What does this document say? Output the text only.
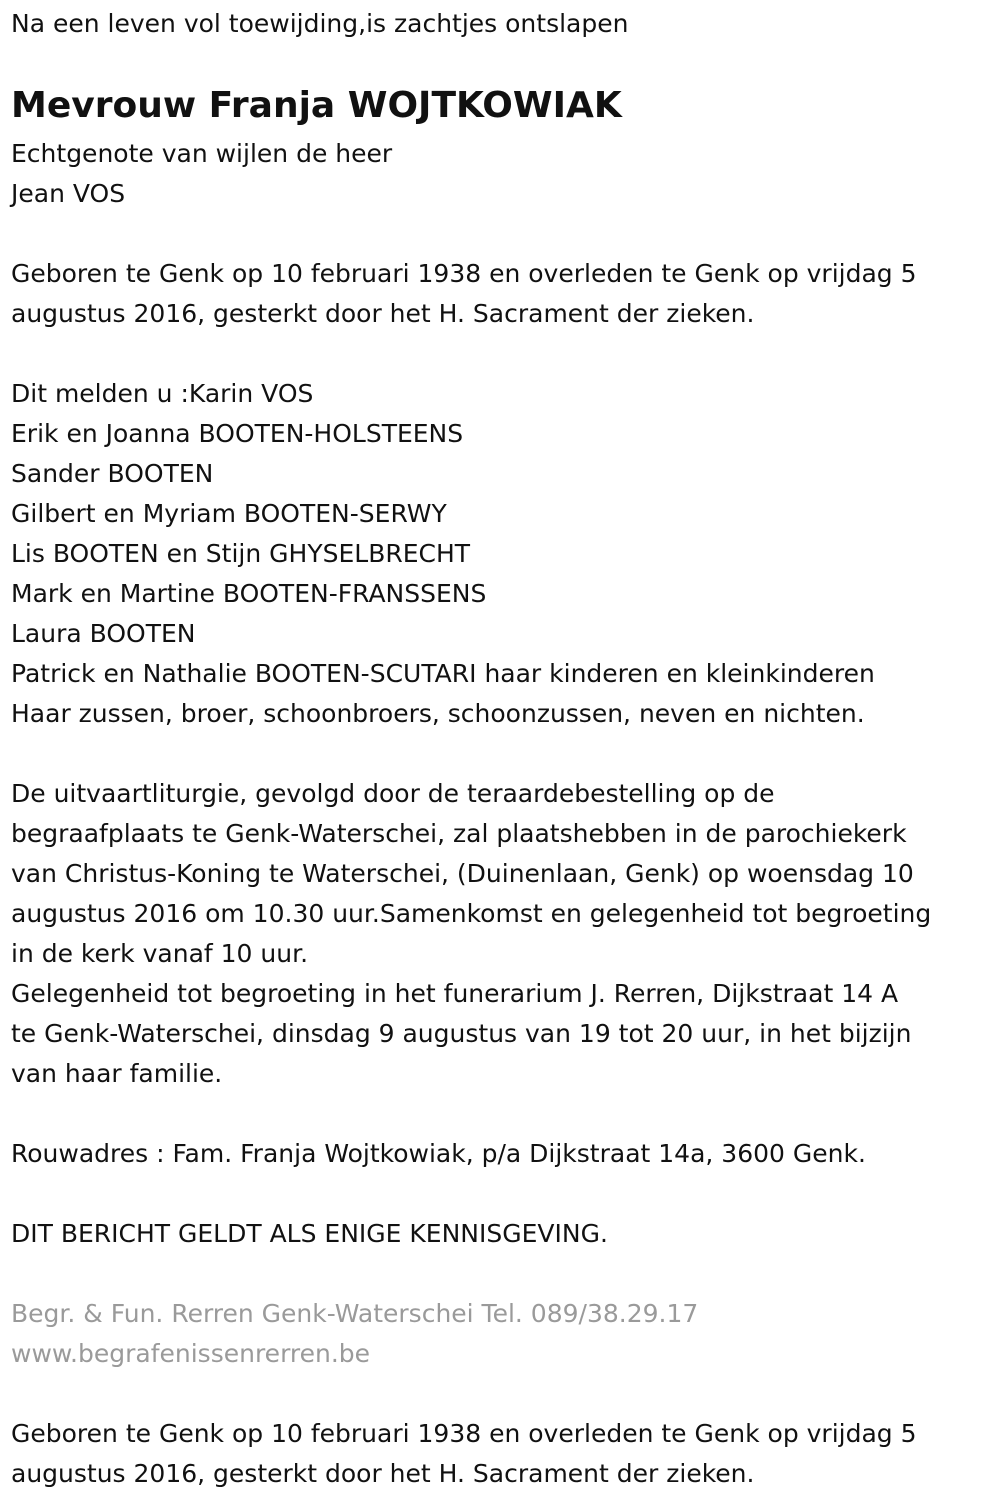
Na een leven vol toewijding,is zachtjes ontslapen
Mevrouw Franja WOJTKOWIAK
Echtgenote van wijlen de heer
Jean VOS
Geboren te Genk op 10 februari 1938 en overleden te Genk op vrijdag 5
augustus 2016, gesterkt door het H. Sacrament der zieken.
Dit melden u :Karin VOS
Erik en Joanna BOOTEN-HOLSTEENS
Sander BOOTEN
Gilbert en Myriam BOOTEN-SERWY
Lis BOOTEN en Stijn GHYSELBRECHT
Mark en Martine BOOTEN-FRANSSENS
Laura BOOTEN
Patrick en Nathalie BOOTEN-SCUTARI haar kinderen en kleinkinderen
Haar zussen, broer, schoonbroers, schoonzussen, neven en nichten.
De uitvaartliturgie, gevolgd door de teraardebestelling op de
begraafplaats te Genk-Waterschei, zal plaatshebben in de parochiekerk
van Christus-Koning te Waterschei, (Duinenlaan, Genk) op woensdag 10
augustus 2016 om 10.30 uur.Samenkomst en gelegenheid tot begroeting
in de kerk vanaf 10 uur.
Gelegenheid tot begroeting in het funerarium J. Rerren, Dijkstraat 14 A
te Genk-Waterschei, dinsdag 9 augustus van 19 tot 20 uur, in het bijzijn
van haar familie.
Rouwadres : Fam. Franja Wojtkowiak, p/a Dijkstraat 14a, 3600 Genk.
DIT BERICHT GELDT ALS ENIGE KENNISGEVING.
Begr. & Fun. Rerren Genk-Waterschei Tel. 089/38.29.17
www.begrafenissenrerren.be
Geboren te Genk op 10 februari 1938 en overleden te Genk op vrijdag 5
augustus 2016, gesterkt door het H. Sacrament der zieken.
